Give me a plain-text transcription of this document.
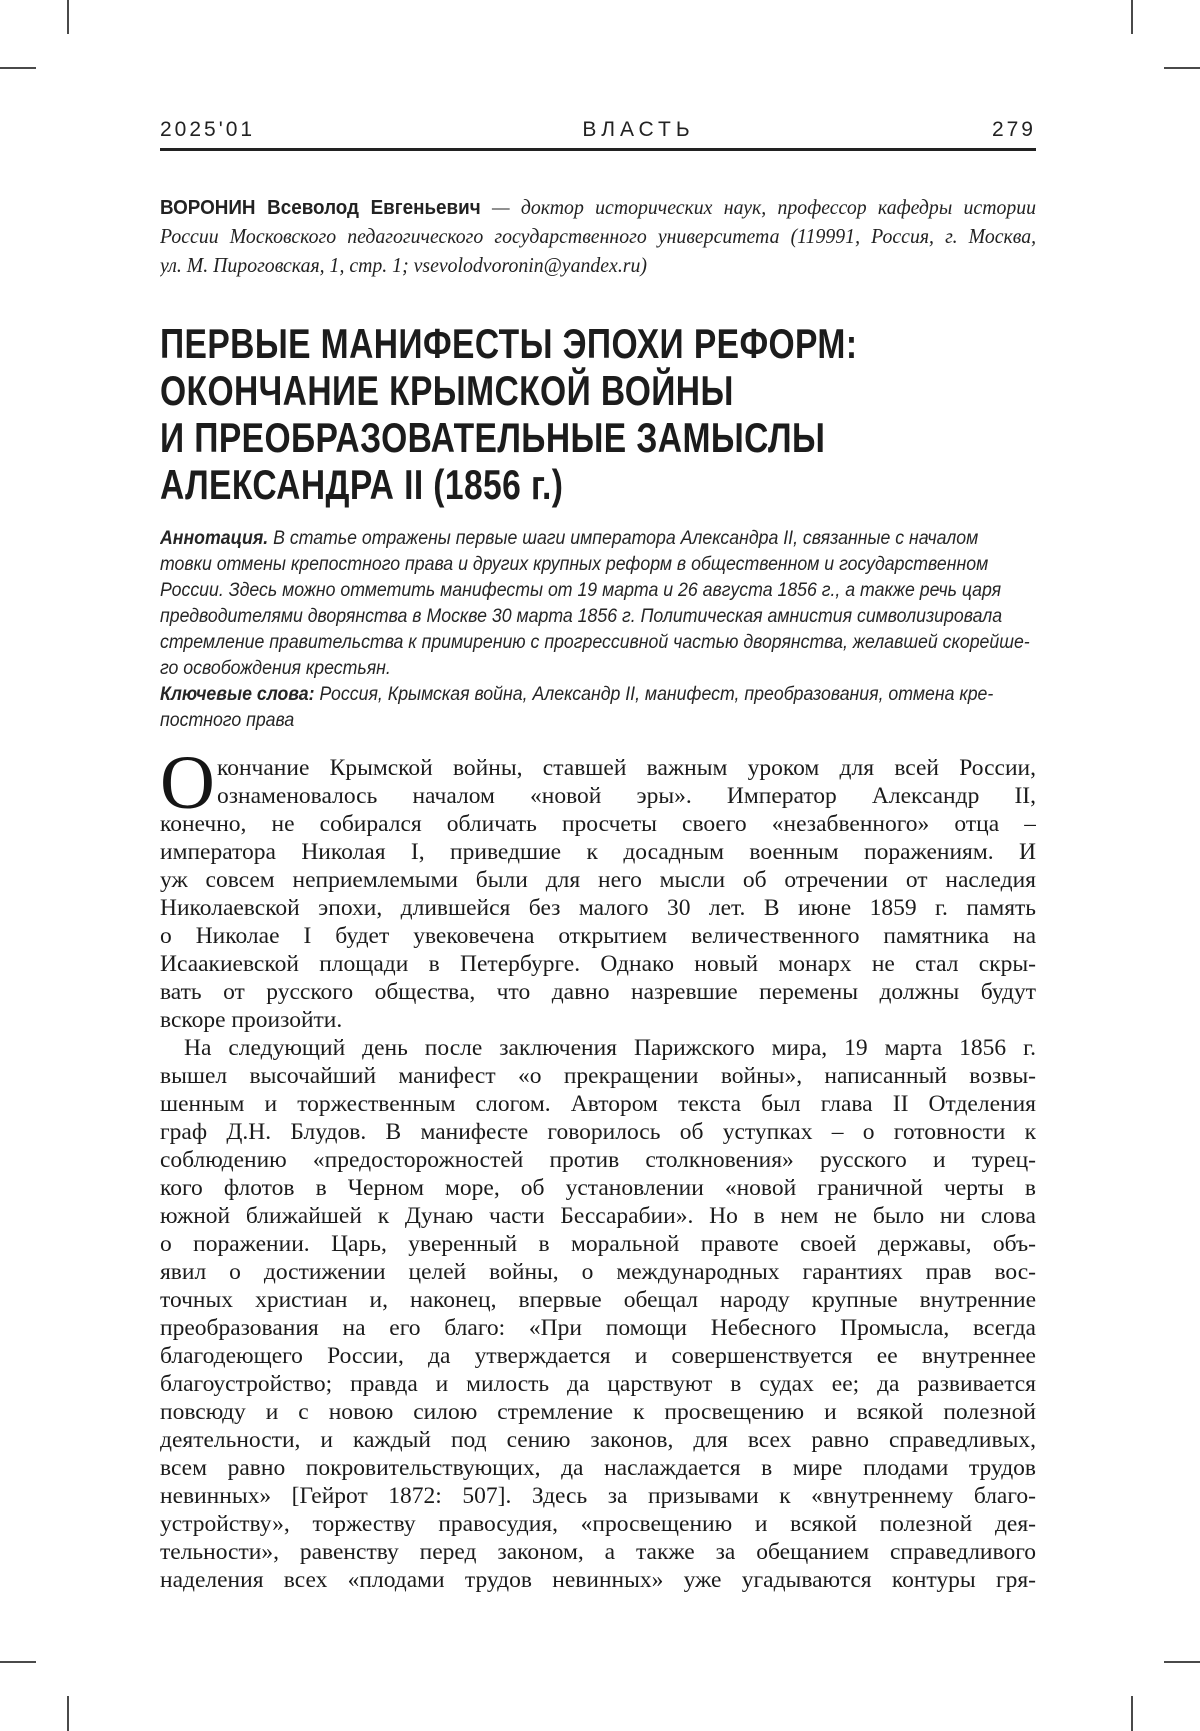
2025'01	ВЛАСТЬ	279
ВОРОНИН Всеволод Евгеньевич — доктор исторических наук, профессор кафедры истории
России Московского педагогического государственного университета (119991, Россия, г. Москва,
ул. М. Пироговская, 1, стр. 1; vsevolodvoronin@yandex.ru)
ПЕРВЫЕ МАНИФЕСТЫ ЭПОХИ РЕФОРМ:
ОКОНЧАНИЕ КРЫМСКОЙ ВОЙНЫ
И ПРЕОБРАЗОВАТЕЛЬНЫЕ ЗАМЫСЛЫ
АЛЕКСАНДРА II (1856 г.)
Аннотация. В статье отражены первые шаги императора Александра II, связанные с началом
товки отмены крепостного права и других крупных реформ в общественном и государственном
России. Здесь можно отметить манифесты от 19 марта и 26 августа 1856 г., а также речь царя
предводителями дворянства в Москве 30 марта 1856 г. Политическая амнистия символизировала
стремление правительства к примирению с прогрессивной частью дворянства, желавшей скорейше-
го освобождения крестьян.
Ключевые слова: Россия, Крымская война, Александр II, манифест, преобразования, отмена кре-
постного права
О кончание Крымской войны, ставшей важным уроком для всей России,
ознаменовалось началом «новой эры». Император Александр II,
конечно, не собирался обличать просчеты своего «незабвенного» отца –
императора Николая I, приведшие к досадным военным поражениям. И
уж совсем неприемлемыми были для него мысли об отречении от наследия
Николаевской эпохи, длившейся без малого 30 лет. В июне 1859 г. память
о Николае I будет увековечена открытием величественного памятника на
Исаакиевской площади в Петербурге. Однако новый монарх не стал скры-
вать от русского общества, что давно назревшие перемены должны будут
вскоре произойти.
На следующий день после заключения Парижского мира, 19 марта 1856 г.
вышел высочайший манифест «о прекращении войны», написанный возвы-
шенным и торжественным слогом. Автором текста был глава II Отделения
граф Д.Н. Блудов. В манифесте говорилось об уступках – о готовности к
соблюдению «предосторожностей против столкновения» русского и турец-
кого флотов в Черном море, об установлении «новой граничной черты в
южной ближайшей к Дунаю части Бессарабии». Но в нем не было ни слова
о поражении. Царь, уверенный в моральной правоте своей державы, объ-
явил о достижении целей войны, о международных гарантиях прав вос-
точных христиан и, наконец, впервые обещал народу крупные внутренние
преобразования на его благо: «При помощи Небесного Промысла, всегда
благодеющего России, да утверждается и совершенствуется ее внутреннее
благоустройство; правда и милость да царствуют в судах ее; да развивается
повсюду и с новою силою стремление к просвещению и всякой полезной
деятельности, и каждый под сению законов, для всех равно справедливых,
всем равно покровительствующих, да наслаждается в мире плодами трудов
невинных» [Гейрот 1872: 507]. Здесь за призывами к «внутреннему благо-
устройству», торжеству правосудия, «просвещению и всякой полезной дея-
тельности», равенству перед законом, а также за обещанием справедливого
наделения всех «плодами трудов невинных» уже угадываются контуры гря-
